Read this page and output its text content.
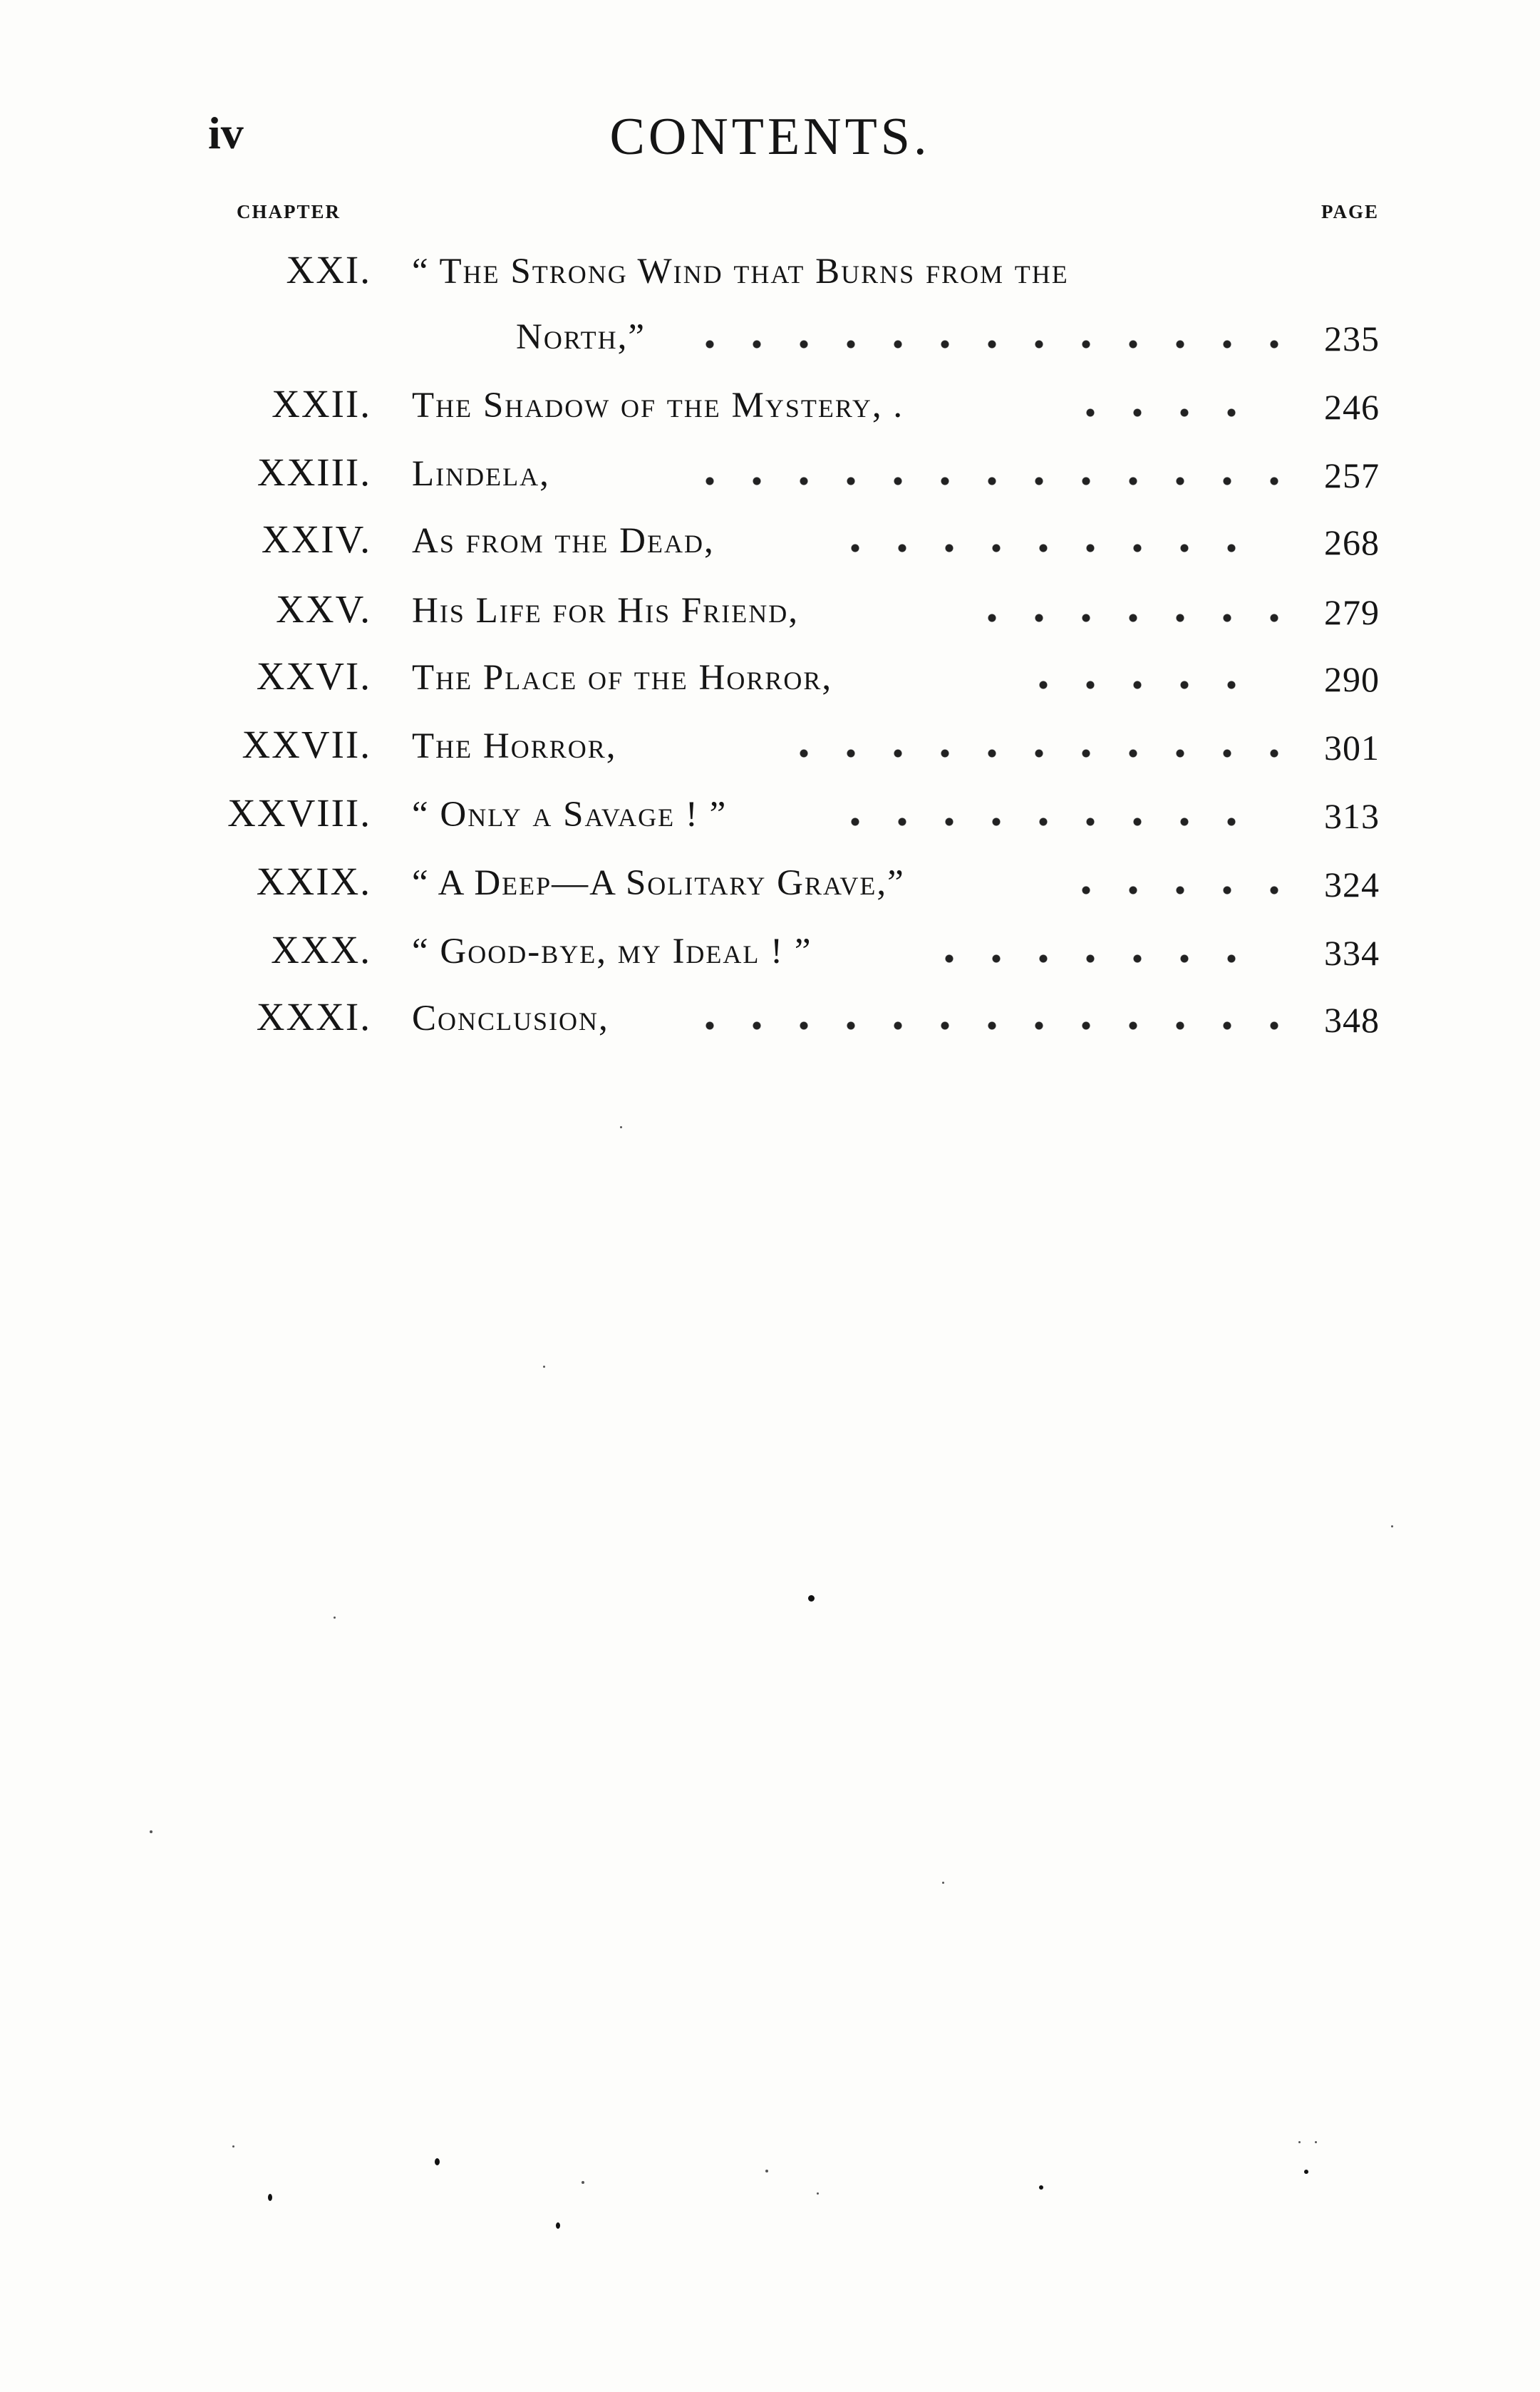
iv	CONTENTS.
CHAPTER	PAGE
XXI. “ The Strong Wind that Burns from the
North,”	235
XXII. The Shadow of the Mystery, .	246
XXIII. Lindela,	257
XXIV. As from the Dead,	268
XXV. His Life for His Friend,	279
XXVI. The Place of the Horror,	290
XXVII. The Horror,	301
XXVIII. “ Only a Savage ! ”	313
XXIX. “ A Deep—A Solitary Grave,”	324
XXX. “ Good-bye, my Ideal ! ”	334
XXXI. Conclusion,	348
